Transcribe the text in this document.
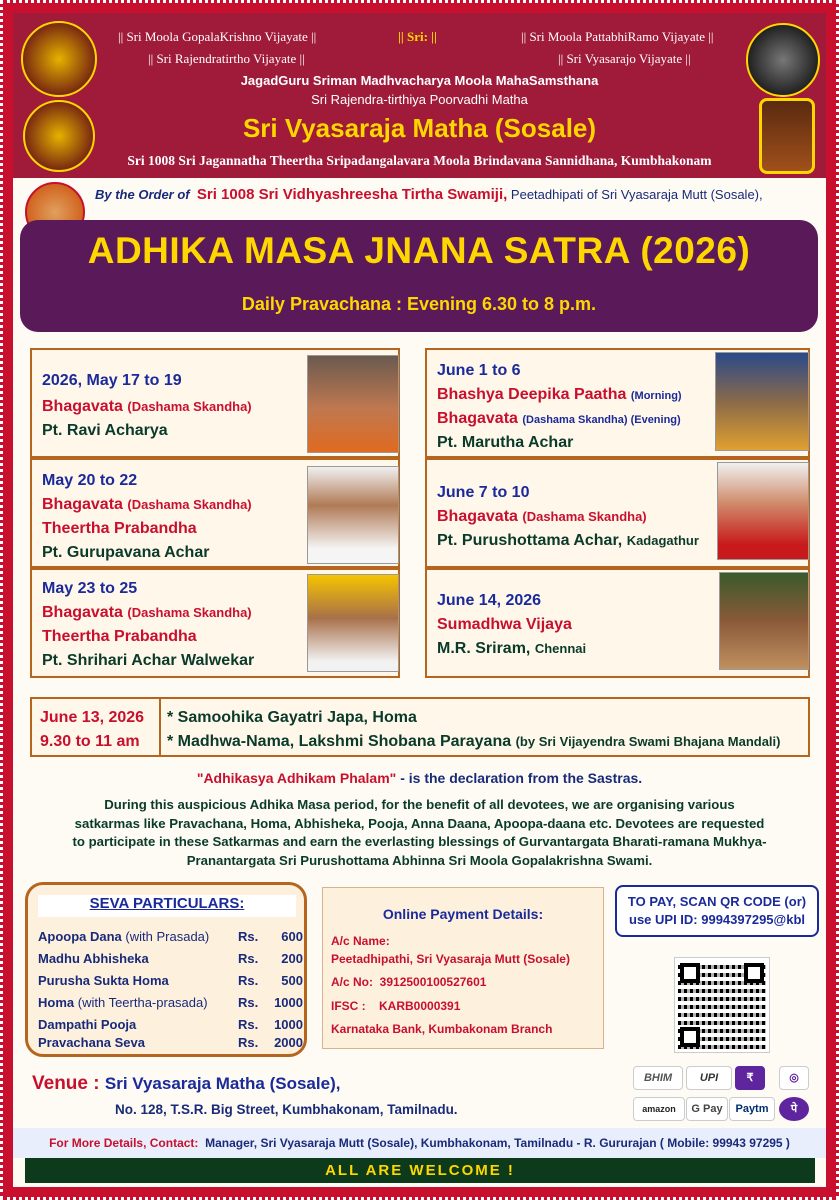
|| Sri Moola GopalaKrishno Vijayate ||	|| Sri: ||	|| Sri Moola PattabhiRamo Vijayate ||
|| Sri Rajendratirtho Vijayate ||	|| Sri Vyasarajo Vijayate ||
JagadGuru Sriman Madhvacharya Moola MahaSamsthana
Sri Rajendra-tirthiya Poorvadhi Matha
Sri Vyasaraja Matha (Sosale)
Sri 1008 Sri Jagannatha Theertha Sripadangalavara Moola Brindavana Sannidhana, Kumbhakonam
By the Order of Sri 1008 Sri Vidhyashreesha Tirtha Swamiji, Peetadhipati of Sri Vyasaraja Mutt (Sosale),
ADHIKA MASA JNANA SATRA (2026)
Daily Pravachana : Evening 6.30 to 8 p.m.
2026, May 17 to 19
Bhagavata (Dashama Skandha)
Pt. Ravi Acharya
May 20 to 22
Bhagavata (Dashama Skandha)
Theertha Prabandha
Pt. Gurupavana Achar
May 23 to 25
Bhagavata (Dashama Skandha)
Theertha Prabandha
Pt. Shrihari Achar Walwekar
June 1 to 6
Bhashya Deepika Paatha (Morning)
Bhagavata (Dashama Skandha) (Evening)
Pt. Marutha Achar
June 7 to 10
Bhagavata (Dashama Skandha)
Pt. Purushottama Achar, Kadagathur
June 14, 2026
Sumadhwa Vijaya
M.R. Sriram, Chennai
June 13, 2026
9.30 to 11 am
* Samoohika Gayatri Japa, Homa
* Madhwa-Nama, Lakshmi Shobana Parayana (by Sri Vijayendra Swami Bhajana Mandali)
"Adhikasya Adhikam Phalam" - is the declaration from the Sastras.
During this auspicious Adhika Masa period, for the benefit of all devotees, we are organising various
satkarmas like Pravachana, Homa, Abhisheka, Pooja, Anna Daana, Apoopa-daana etc. Devotees are requested
to participate in these Satkarmas and earn the everlasting blessings of Gurvantargata Bharati-ramana Mukhya-
Pranantargata Sri Purushottama Abhinna Sri Moola Gopalakrishna Swami.
SEVA PARTICULARS:
Apoopa Dana (with Prasada) Rs. 600
Madhu Abhisheka	Rs. 200
Purusha Sukta Homa	Rs. 500
Homa (with Teertha-prasada) Rs. 1000
Dampathi Pooja	Rs. 1000
Pravachana Seva	Rs. 2000
Online Payment Details:
A/c Name:
Peetadhipathi, Sri Vyasaraja Mutt (Sosale)
A/c No: 3912500100527601
IFSC : KARB0000391
Karnataka Bank, Kumbakonam Branch
TO PAY, SCAN QR CODE (or)
use UPI ID: 9994397295@kbl
BHIM	UPI	₹	◎
amazon	G Pay	Paytm	पे
Venue : Sri Vyasaraja Matha (Sosale),
No. 128, T.S.R. Big Street, Kumbhakonam, Tamilnadu.
For More Details, Contact: Manager, Sri Vyasaraja Mutt (Sosale), Kumbhakonam, Tamilnadu - R. Gururajan ( Mobile: 99943 97295 )
ALL ARE WELCOME !
